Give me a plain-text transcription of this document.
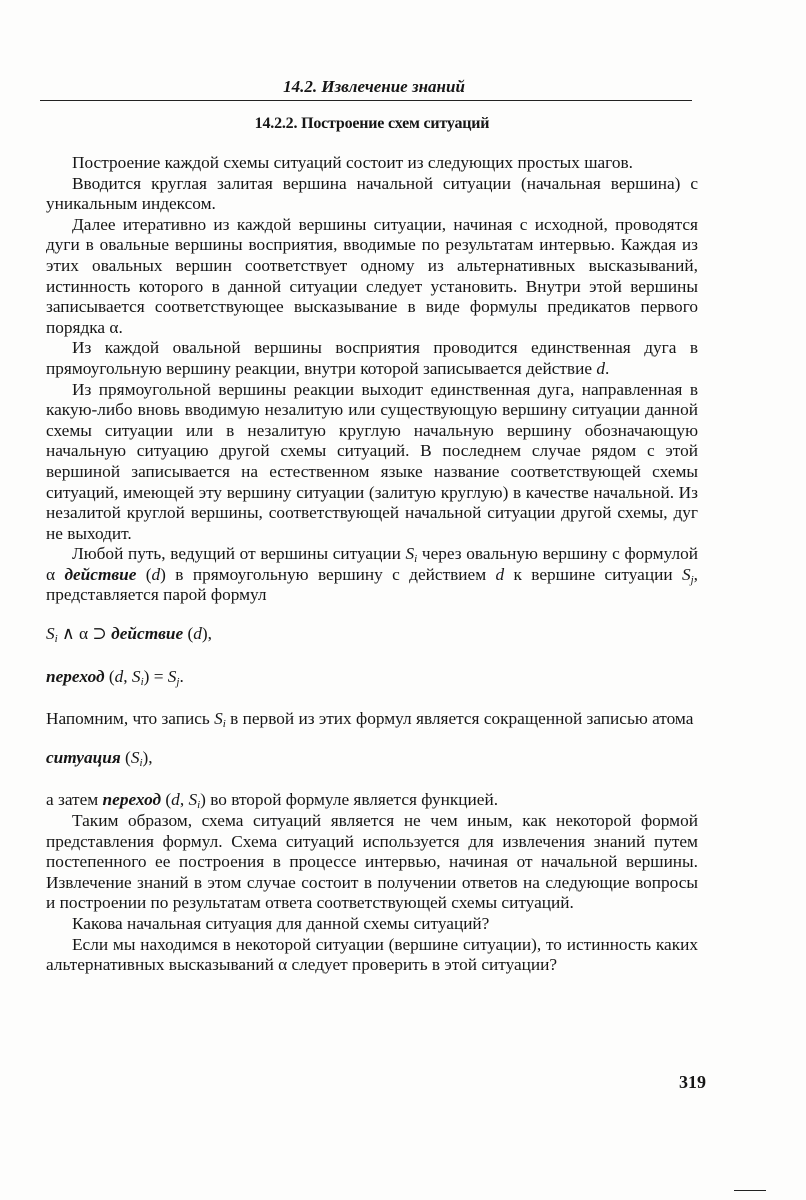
14.2. Извлечение знаний
14.2.2. Построение схем ситуаций

Построение каждой схемы ситуаций состоит из следующих простых шагов.

Вводится круглая залитая вершина начальной ситуации (начальная вершина) с уникальным индексом.

Далее итеративно из каждой вершины ситуации, начиная с исходной, проводятся дуги в овальные вершины восприятия, вводимые по результатам интервью. Каждая из этих овальных вершин соответствует одному из альтернативных высказываний, истинность которого в данной ситуации следует установить. Внутри этой вершины записывается соответствующее высказывание в виде формулы предикатов первого порядка α.

Из каждой овальной вершины восприятия проводится единственная дуга в прямоугольную вершину реакции, внутри которой записывается действие d.

Из прямоугольной вершины реакции выходит единственная дуга, направленная в какую-либо вновь вводимую незалитую или существующую вершину ситуации данной схемы ситуации или в незалитую круглую начальную вершину обозначающую начальную ситуацию другой схемы ситуаций. В последнем случае рядом с этой вершиной записывается на естественном языке название соответствующей схемы ситуаций, имеющей эту вершину ситуации (залитую круглую) в качестве начальной. Из незалитой круглой вершины, соответствующей начальной ситуации другой схемы, дуг не выходит.

Любой путь, ведущий от вершины ситуации $S_i$ через овальную вершину с формулой α действие (d) в прямоугольную вершину с действием d к вершине ситуации $S_j$, представляется парой формул

$S_i$ ∧ α ⊃ действие (d),

переход (d, $S_i) = S_j$.

Напомним, что запись $S_i$ в первой из этих формул является сокращенной записью атома

ситуация $(S_i)$,

а затем переход (d, $S_i$) во второй формуле является функцией.

Таким образом, схема ситуаций является не чем иным, как некоторой формой представления формул. Схема ситуаций используется для извлечения знаний путем постепенного ее построения в процессе интервью, начиная от начальной вершины. Извлечение знаний в этом случае состоит в получении ответов на следующие вопросы и построении по результатам ответа соответствующей схемы ситуаций.

Какова начальная ситуация для данной схемы ситуаций?

Если мы находимся в некоторой ситуации (вершине ситуации), то истинность каких альтернативных высказываний α следует проверить в этой ситуации?

319
